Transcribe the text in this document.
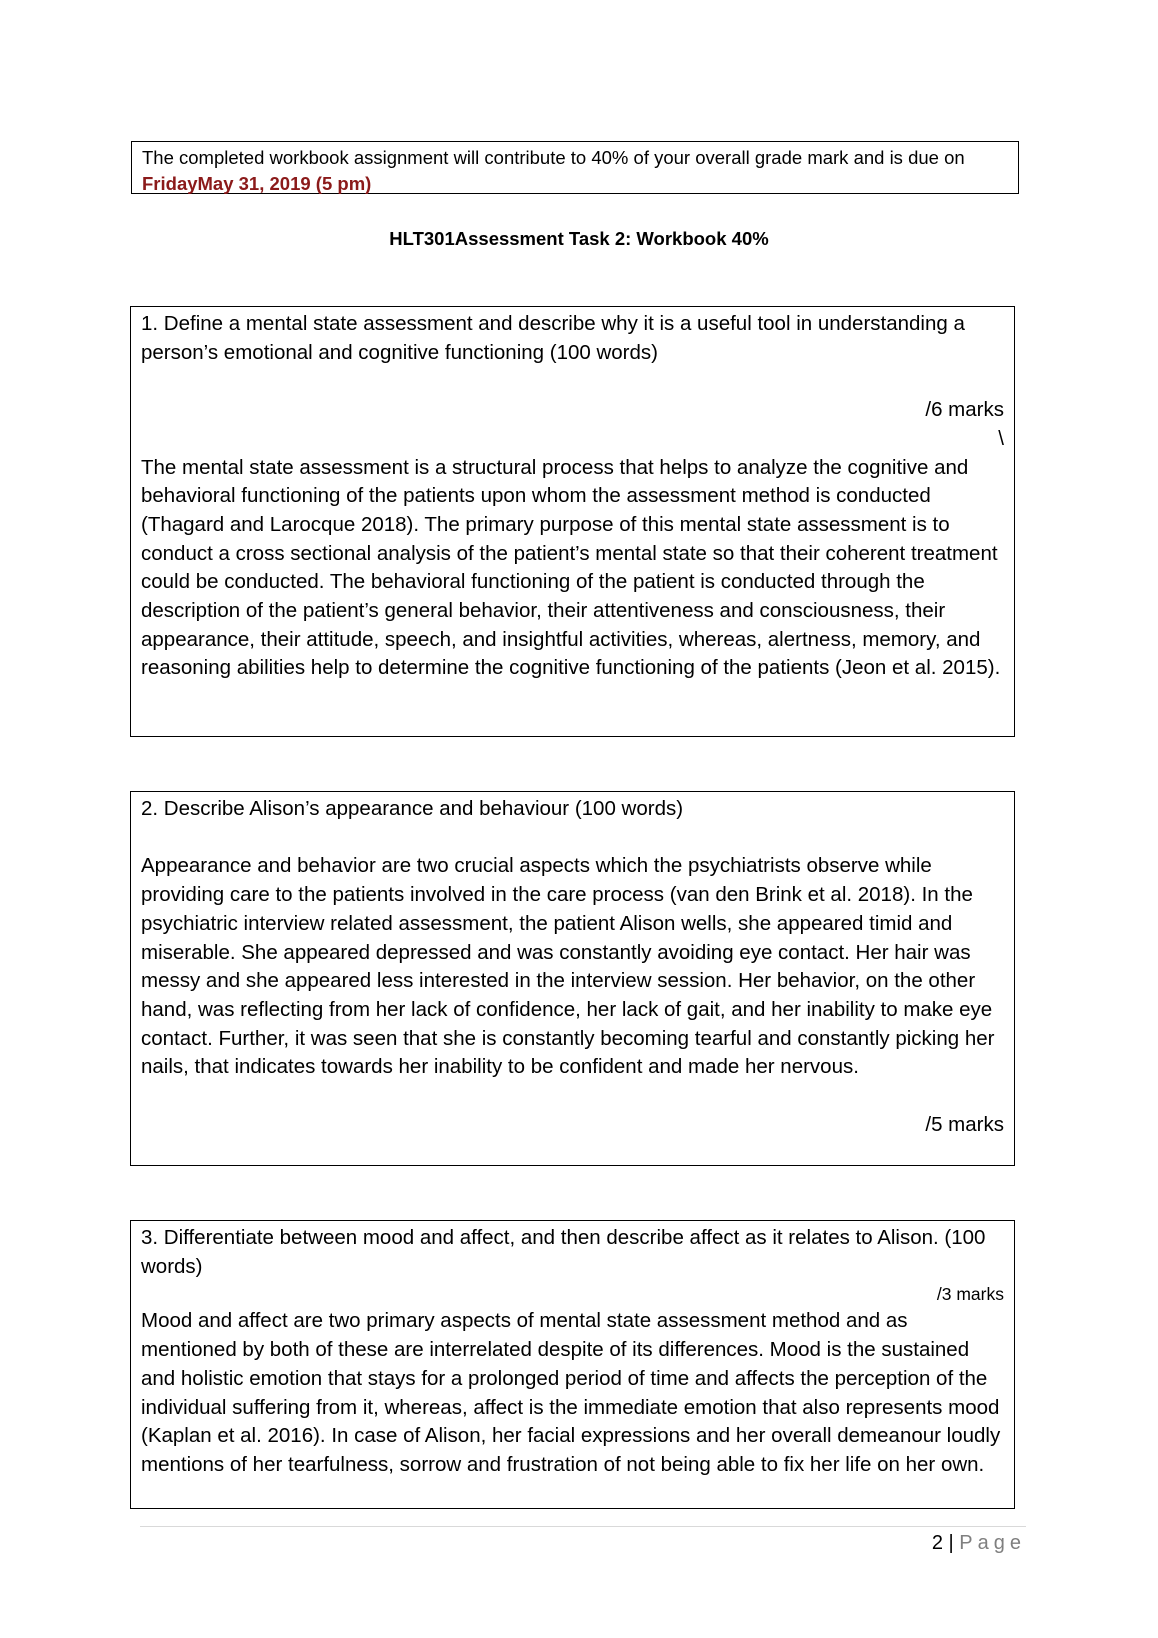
The completed workbook assignment will contribute to 40% of your overall grade mark and is due on FridayMay 31, 2019 (5 pm)
HLT301Assessment Task 2: Workbook 40%

1. Define a mental state assessment and describe why it is a useful tool in understanding a person’s emotional and cognitive functioning (100 words)

/6 marks

\

The mental state assessment is a structural process that helps to analyze the cognitive and behavioral functioning of the patients upon whom the assessment method is conducted (Thagard and Larocque 2018). The primary purpose of this mental state assessment is to conduct a cross sectional analysis of the patient’s mental state so that their coherent treatment could be conducted. The behavioral functioning of the patient is conducted through the description of the patient’s general behavior, their attentiveness and consciousness, their appearance, their attitude, speech, and insightful activities, whereas, alertness, memory, and reasoning abilities help to determine the cognitive functioning of the patients (Jeon et al. 2015).

2. Describe Alison’s appearance and behaviour (100 words)

Appearance and behavior are two crucial aspects which the psychiatrists observe while providing care to the patients involved in the care process (van den Brink et al. 2018). In the psychiatric interview related assessment, the patient Alison wells, she appeared timid and miserable. She appeared depressed and was constantly avoiding eye contact. Her hair was messy and she appeared less interested in the interview session. Her behavior, on the other hand, was reflecting from her lack of confidence, her lack of gait, and her inability to make eye contact. Further, it was seen that she is constantly becoming tearful and constantly picking her nails, that indicates towards her inability to be confident and made her nervous.

/5 marks

3. Differentiate between mood and affect, and then describe affect as it relates to Alison. (100 words)

/3 marks

Mood and affect are two primary aspects of mental state assessment method and as mentioned by both of these are interrelated despite of its differences. Mood is the sustained and holistic emotion that stays for a prolonged period of time and affects the perception of the individual suffering from it, whereas, affect is the immediate emotion that also represents mood (Kaplan et al. 2016). In case of Alison, her facial expressions and her overall demeanour loudly mentions of her tearfulness, sorrow and frustration of not being able to fix her life on her own.

2 | Page
